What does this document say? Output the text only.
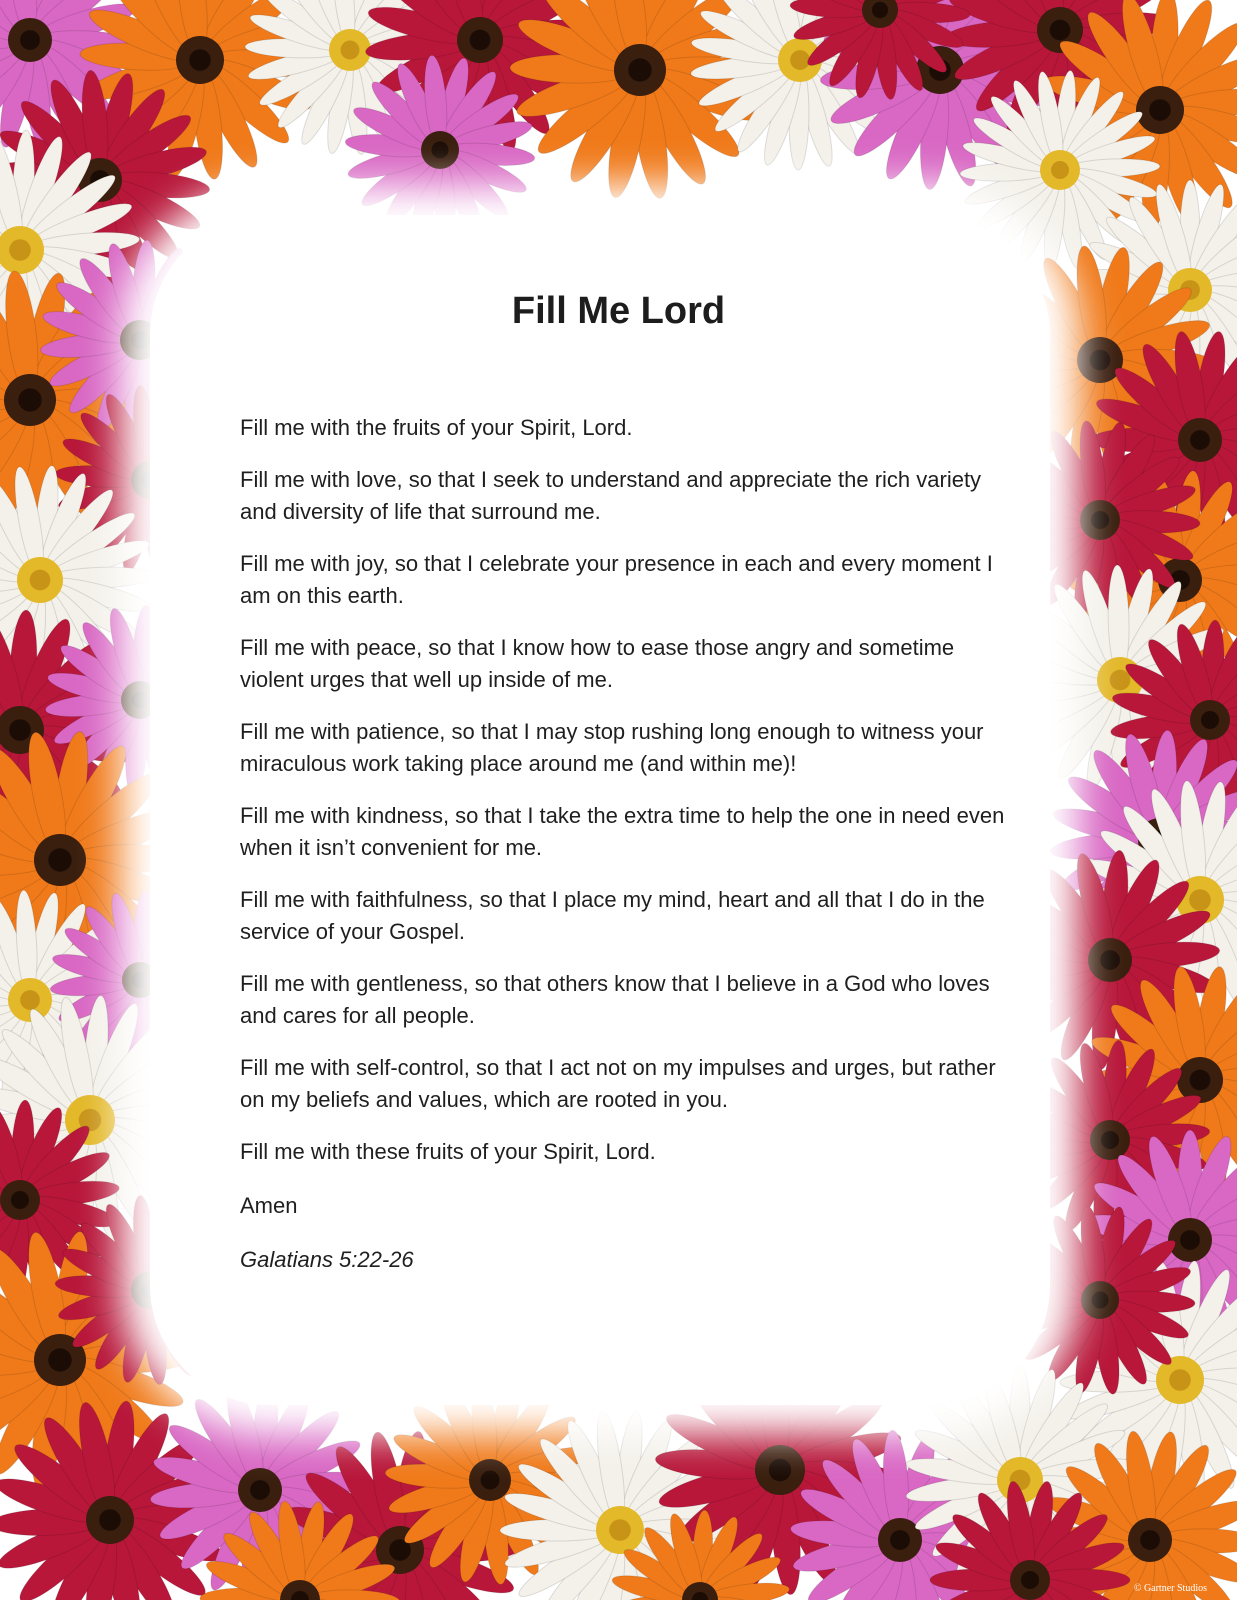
Fill Me Lord

Fill me with the fruits of your Spirit, Lord.

Fill me with love, so that I seek to understand and appreciate the rich variety and diversity of life that surround me.

Fill me with joy, so that I celebrate your presence in each and every moment I am on this earth.

Fill me with peace, so that I know how to ease those angry and sometime violent urges that well up inside of me.

Fill me with patience, so that I may stop rushing long enough to witness your miraculous work taking place around me (and within me)!

Fill me with kindness, so that I take the extra time to help the one in need even when it isn’t convenient for me.

Fill me with faithfulness, so that I place my mind, heart and all that I do in the service of your Gospel.

Fill me with gentleness, so that others know that I believe in a God who loves and cares for all people.

Fill me with self-control, so that I act not on my impulses and urges, but rather on my beliefs and values, which are rooted in you.

Fill me with these fruits of your Spirit, Lord.

Amen

Galatians 5:22-26

© Gartner Studios
